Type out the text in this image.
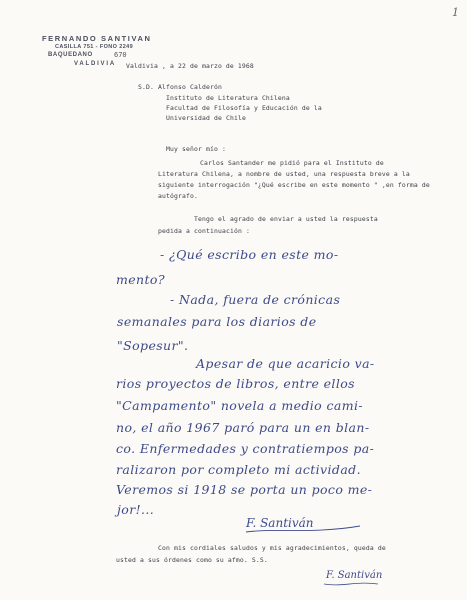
FERNANDO SANTIVAN
CASILLA 751 - FONO 2249
BAQUEDANO	670
VALDIVIA
1
Valdivia , a 22 de marzo de 1968
S.D. Alfonso Calderón
Instituto de Literatura Chilena
Facultad de Filosofía y Educación de la
Universidad de Chile
Muy señor mío :
Carlos Santander me pidió para el Instituto de
Literatura Chilena, a nombre de usted, una respuesta breve a la
siguiente interrogación "¿Qué escribe en este momento " ,en forma de
autógrafo.
Tengo el agrado de enviar a usted la respuesta
pedida a continuación :
- ¿Qué escribo en este mo-
mento?
- Nada, fuera de crónicas
semanales para los diarios de
"Sopesur".
Apesar de que acaricio va-
rios proyectos de libros, entre ellos
"Campamento" novela a medio cami-
no, el año 1967 paró para un en blan-
co. Enfermedades y contratiempos pa-
ralizaron por completo mi actividad.
Veremos si 1918 se porta un poco me-
jor!...
F. Santiván
Con mis cordiales saludos y mis agradecimientos, queda de
usted a sus órdenes como su afmo. S.S.
F. Santiván
